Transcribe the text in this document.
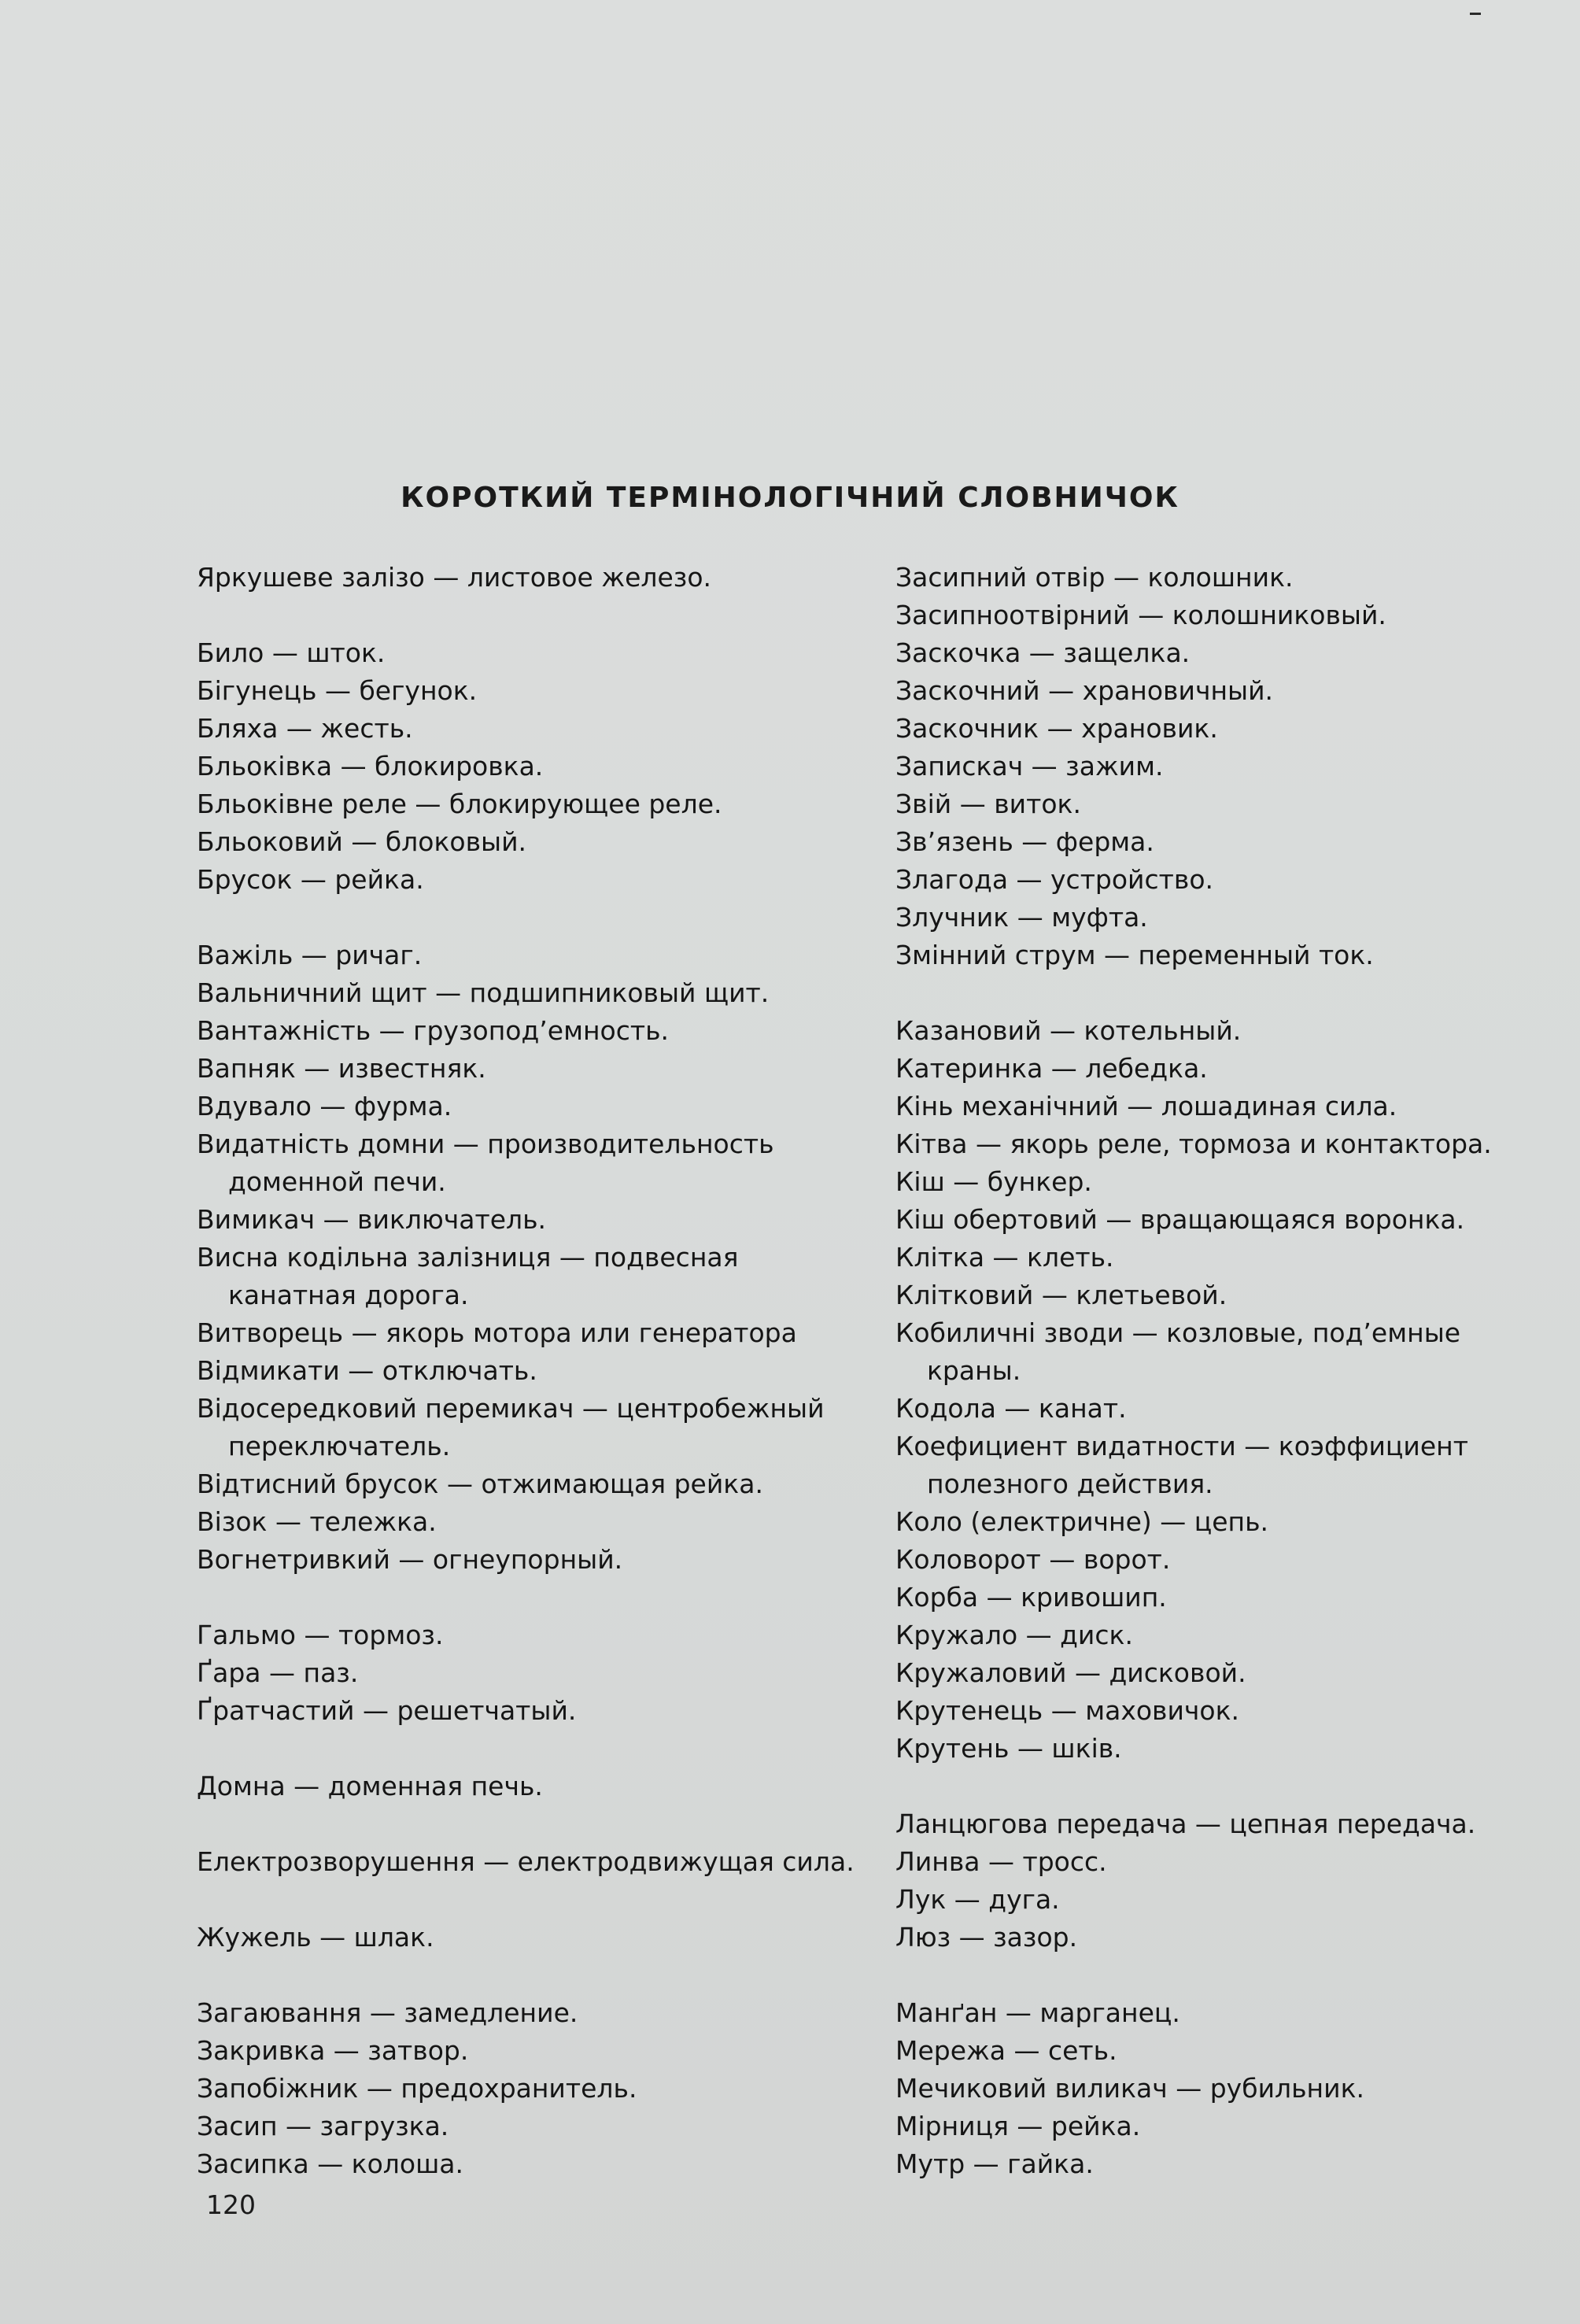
КОРОТКИЙ ТЕРМІНОЛОГІЧНИЙ СЛОВНИЧОК
Яркушеве залізо — листовое железо.
Било — шток.
Бігунець — бегунок.
Бляха — жесть.
Бльоківка — блокировка.
Бльоківне реле — блокирующее реле.
Бльоковий — блоковый.
Брусок — рейка.
Важіль — ричаг.
Вальничний щит — подшипниковый щит.
Вантажність — грузопод’емность.
Вапняк — известняк.
Вдувало — фурма.
Видатність домни — производительность доменной печи.
Вимикач — виключатель.
Висна кодільна залізниця — подвесная канатная дорога.
Витворець — якорь мотора или генератора
Відмикати — отключать.
Відосередковий перемикач — центробежный переключатель.
Відтисний брусок — отжимающая рейка.
Візок — тележка.
Вогнетривкий — огнеупорный.
Гальмо — тормоз.
Ґара — паз.
Ґратчастий — решетчатый.
Домна — доменная печь.
Електрозворушення — електродвижущая сила.
Жужель — шлак.
Загаювання — замедление.
Закривка — затвор.
Запобіжник — предохранитель.
Засип — загрузка.
Засипка — колоша.
Засипний отвір — колошник.
Засипноотвірний — колошниковый.
Заскочка — защелка.
Заскочний — храновичный.
Заскочник — храновик.
Запискач — зажим.
Звій — виток.
Зв’язень — ферма.
Злагода — устройство.
Злучник — муфта.
Змінний струм — переменный ток.
Казановий — котельный.
Катеринка — лебедка.
Кінь механічний — лошадиная сила.
Кітва — якорь реле, тормоза и контактора.
Кіш — бункер.
Кіш обертовий — вращающаяся воронка.
Клітка — клеть.
Клітковий — клетьевой.
Кобиличні зводи — козловые, под’емные краны.
Кодола — канат.
Коефициент видатности — коэффициент полезного действия.
Коло (електричне) — цепь.
Коловорот — ворот.
Корба — кривошип.
Кружало — диск.
Кружаловий — дисковой.
Крутенець — маховичок.
Крутень — шків.
Ланцюгова передача — цепная передача.
Линва — тросс.
Лук — дуга.
Люз — зазор.
Манґан — марганец.
Мережа — сеть.
Мечиковий виликач — рубильник.
Мірниця — рейка.
Мутр — гайка.
120
